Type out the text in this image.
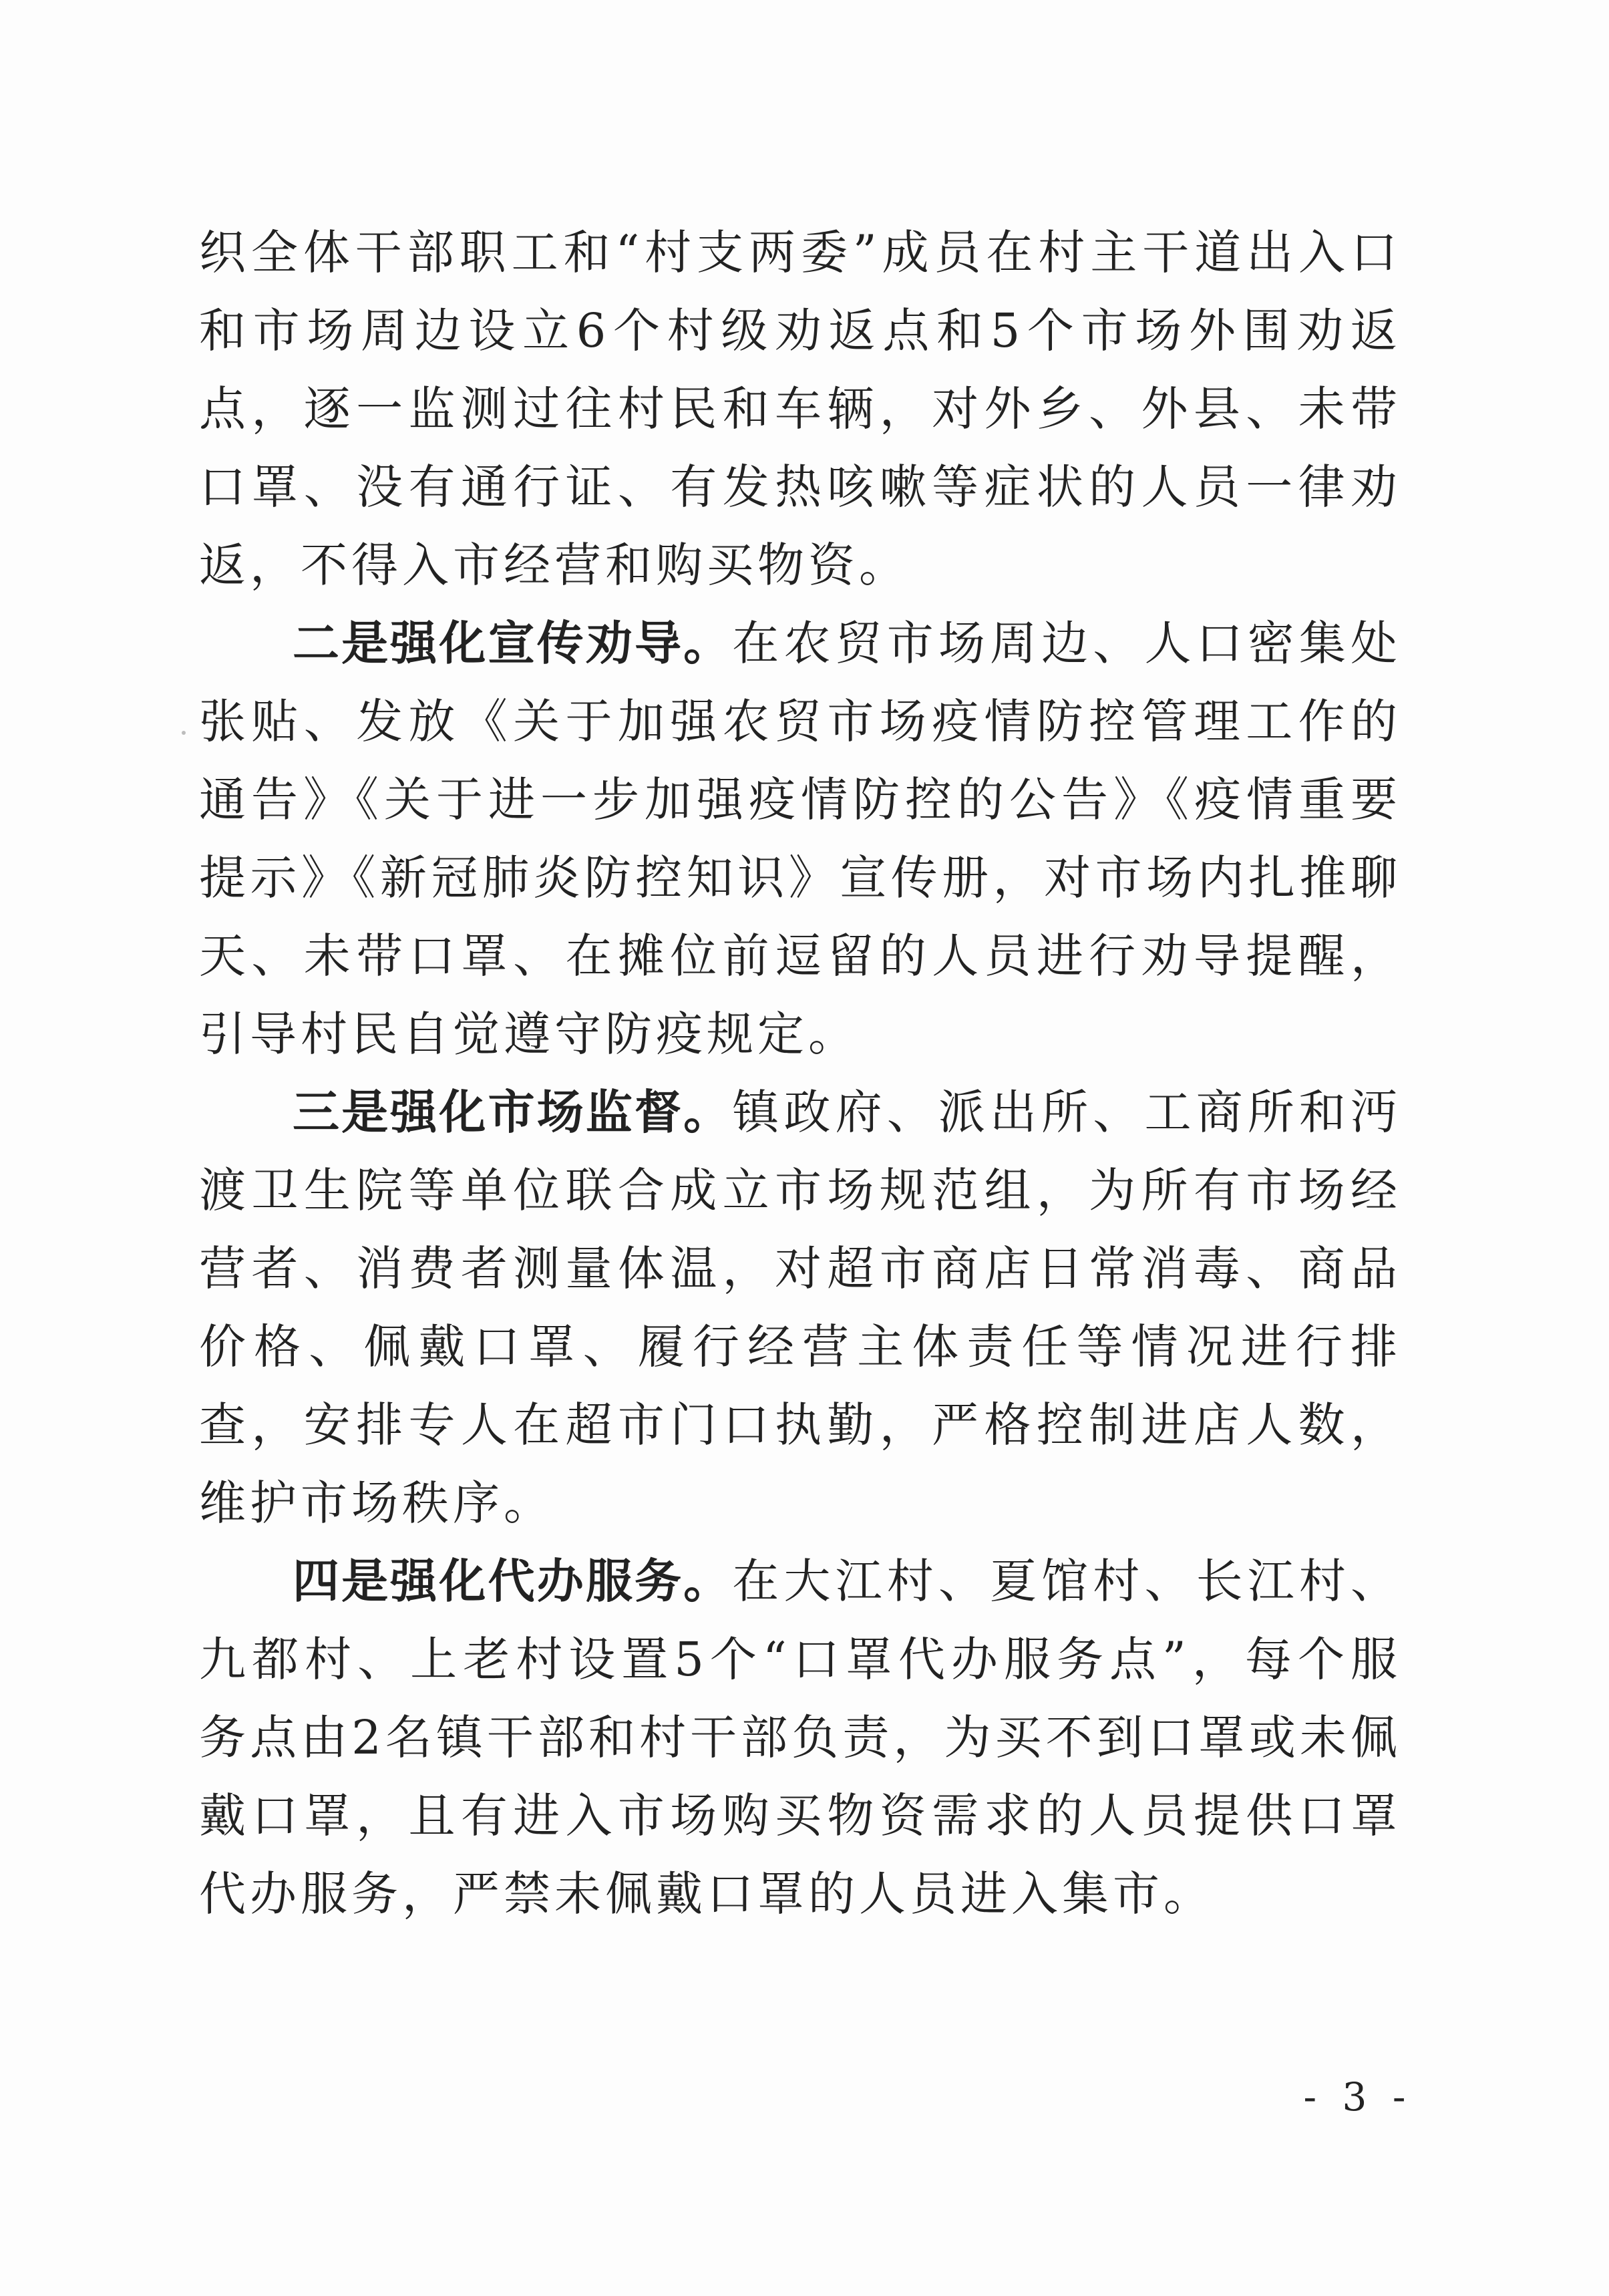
织全体干部职工和“村支两委”成员在村主干道出入口和市场周边设立6个村级劝返点和5个市场外围劝返点，逐一监测过往村民和车辆，对外乡、外县、未带口罩、没有通行证、有发热咳嗽等症状的人员一律劝返，不得入市经营和购买物资。

二是强化宣传劝导。在农贸市场周边、人口密集处张贴、发放《关于加强农贸市场疫情防控管理工作的通告》《关于进一步加强疫情防控的公告》《疫情重要提示》《新冠肺炎防控知识》宣传册，对市场内扎推聊天、未带口罩、在摊位前逗留的人员进行劝导提醒，引导村民自觉遵守防疫规定。

三是强化市场监督。镇政府、派出所、工商所和沔渡卫生院等单位联合成立市场规范组，为所有市场经营者、消费者测量体温，对超市商店日常消毒、商品价格、佩戴口罩、履行经营主体责任等情况进行排查，安排专人在超市门口执勤，严格控制进店人数，维护市场秩序。

四是强化代办服务。在大江村、夏馆村、长江村、九都村、上老村设置5个“口罩代办服务点”，每个服务点由2名镇干部和村干部负责，为买不到口罩或未佩戴口罩，且有进入市场购买物资需求的人员提供口罩代办服务，严禁未佩戴口罩的人员进入集市。

- 3 -
